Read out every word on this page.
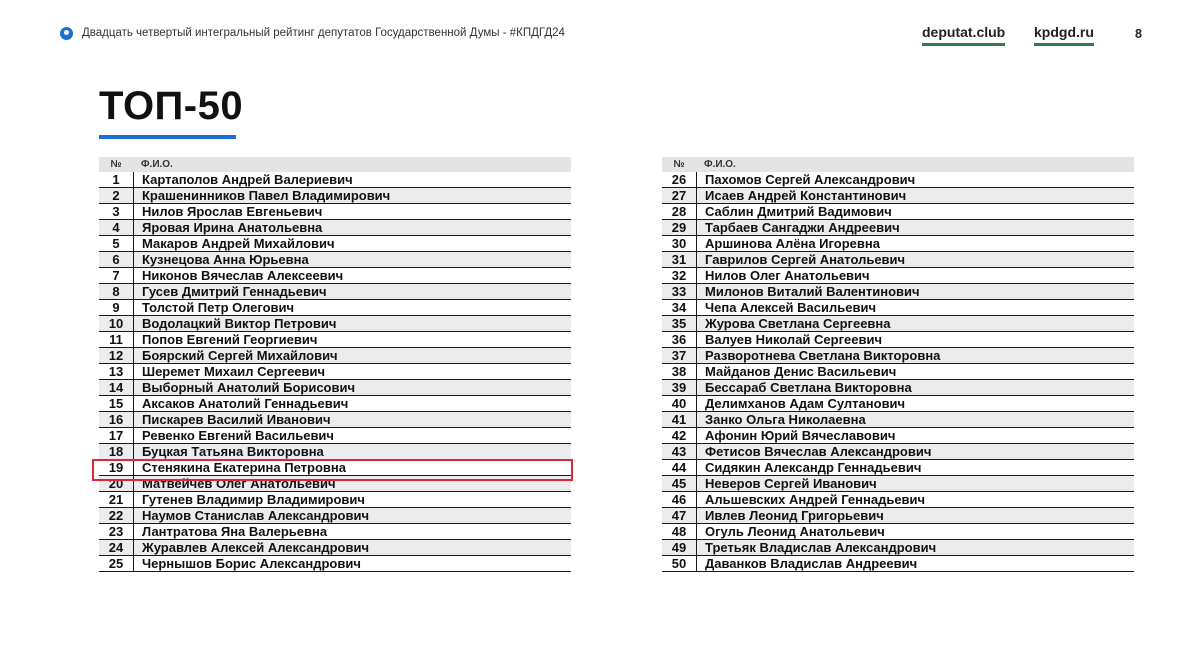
Двадцать четвертый интегральный рейтинг депутатов Государственной Думы - #КПДГД24	deputat.club kpdgd.ru	8
ТОП-50
№	Ф.И.О.
1	Картаполов Андрей Валериевич
2	Крашенинников Павел Владимирович
3	Нилов Ярослав Евгеньевич
4	Яровая Ирина Анатольевна
5	Макаров Андрей Михайлович
6	Кузнецова Анна Юрьевна
7	Никонов Вячеслав Алексеевич
8	Гусев Дмитрий Геннадьевич
9	Толстой Петр Олегович
10	Водолацкий Виктор Петрович
11	Попов Евгений Георгиевич
12	Боярский Сергей Михайлович
13	Шеремет Михаил Сергеевич
14	Выборный Анатолий Борисович
15	Аксаков Анатолий Геннадьевич
16	Пискарев Василий Иванович
17	Ревенко Евгений Васильевич
18	Буцкая Татьяна Викторовна
19	Стенякина Екатерина Петровна
20	Матвейчев Олег Анатольевич
21	Гутенев Владимир Владимирович
22	Наумов Станислав Александрович
23	Лантратова Яна Валерьевна
24	Журавлев Алексей Александрович
25	Чернышов Борис Александрович
№	Ф.И.О.
26	Пахомов Сергей Александрович
27	Исаев Андрей Константинович
28	Саблин Дмитрий Вадимович
29	Тарбаев Сангаджи Андреевич
30	Аршинова Алёна Игоревна
31	Гаврилов Сергей Анатольевич
32	Нилов Олег Анатольевич
33	Милонов Виталий Валентинович
34	Чепа Алексей Васильевич
35	Журова Светлана Сергеевна
36	Валуев Николай Сергеевич
37	Разворотнева Светлана Викторовна
38	Майданов Денис Васильевич
39	Бессараб Светлана Викторовна
40	Делимханов Адам Султанович
41	Занко Ольга Николаевна
42	Афонин Юрий Вячеславович
43	Фетисов Вячеслав Александрович
44	Сидякин Александр Геннадьевич
45	Неверов Сергей Иванович
46	Альшевских Андрей Геннадьевич
47	Ивлев Леонид Григорьевич
48	Огуль Леонид Анатольевич
49	Третьяк Владислав Александрович
50	Даванков Владислав Андреевич
